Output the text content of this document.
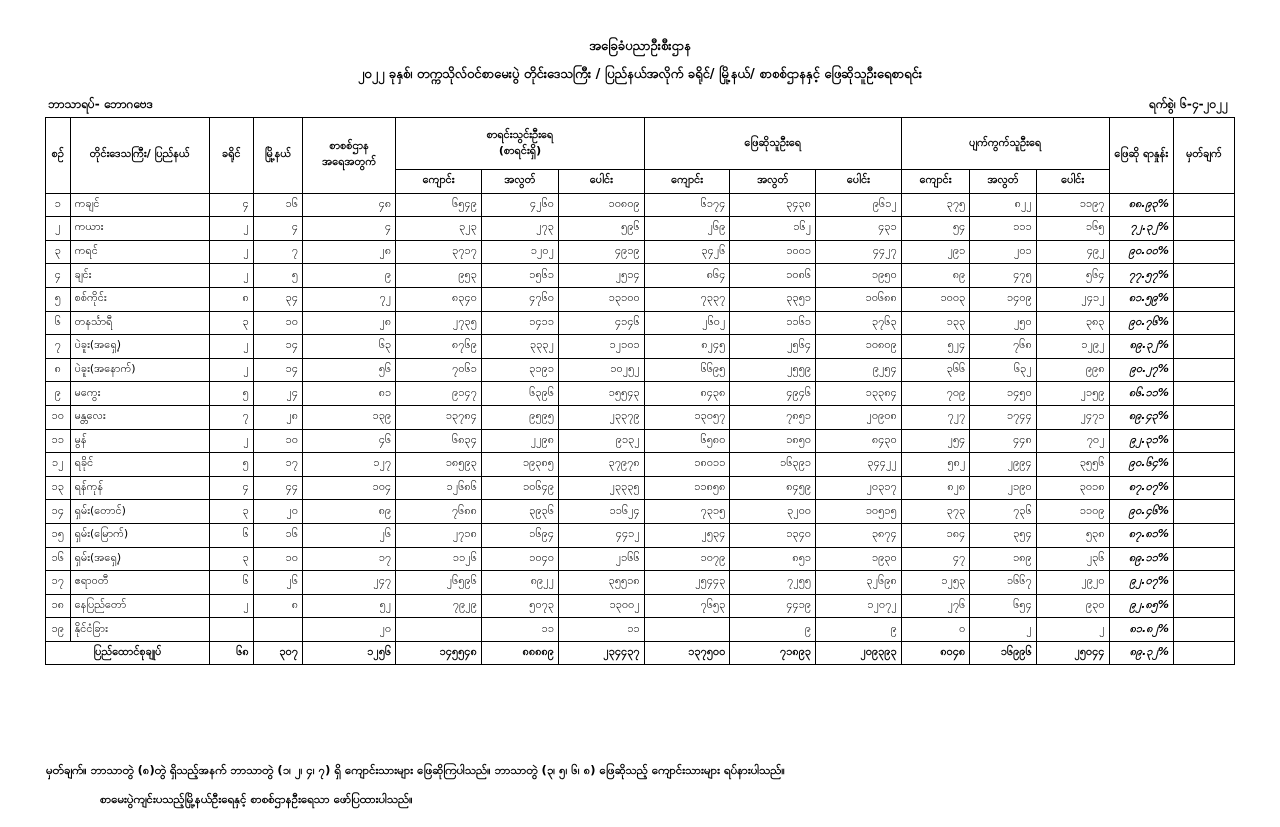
အခြေခံပညာဦးစီးဌာန
၂၀၂၂ ခုနှစ်၊ တက္ကသိုလ်ဝင်စာမေးပွဲ တိုင်းဒေသကြီး / ပြည်နယ်အလိုက် ခရိုင်/ မြို့နယ်/ စာစစ်ဌာနနှင့် ဖြေဆိုသူဦးရေစာရင်း
ဘာသာရပ်- ဘောဂဗေဒ	ရက်စွဲ၊ ၆-၄-၂၀၂၂
စဉ်	တိုင်းဒေသကြီး/ ပြည်နယ်	ခရိုင်	မြို့နယ်	စာစစ်ဌာန အရေအတွက်	စာရင်းသွင်းဦးရေ
(စာရင်းရှိ)			ဖြေဆိုသူဦးရေ			ပျက်ကွက်သူဦးရေ			ဖြေဆို ရာနှုန်း	မှတ်ချက်
					ကျောင်း	အလွတ်	ပေါင်း	ကျောင်း	အလွတ်	ပေါင်း	ကျောင်း	အလွတ်	ပေါင်း		
၁	ကချင်	၄	၁၆	၄၈	၆၅၄၉	၄၂၆၀	၁၀၈၀၉	၆၁၇၄	၃၄၃၈	၉၆၁၂	၃၇၅	၈၂၂	၁၁၉၇	၈၈.၉၃%	
၂	ကယား	၂	၄	၄	၃၂၃	၂၇၃	၅၉၆	၂၆၉	၁၆၂	၄၃၁	၅၄	၁၁၁	၁၆၅	၇၂.၃၂%	
၃	ကရင်	၂	၇	၂၈	၃၇၁၇	၁၂၀၂	၄၉၁၉	၃၄၂၆	၁၀၀၁	၄၄၂၇	၂၉၁	၂၀၁	၄၉၂	၉၀.၀၀%	
၄	ချင်း	၂	၅	၉	၉၅၃	၁၅၆၁	၂၅၁၄	၈၆၄	၁၀၈၆	၁၉၅၀	၈၉	၄၇၅	၅၆၄	၇၇.၅၇%	
၅	စစ်ကိုင်း	၈	၃၄	၇၂	၈၃၄၀	၄၇၆၀	၁၃၁၀၀	၇၃၃၇	၃၃၅၁	၁၀၆၈၈	၁၀၀၃	၁၄၀၉	၂၄၁၂	၈၁.၅၉%	
၆	တနင်္သာရီ	၃	၁၀	၂၈	၂၇၃၅	၁၄၁၁	၄၁၄၆	၂၆၀၂	၁၁၆၁	၃၇၆၃	၁၃၃	၂၅၀	၃၈၃	၉၀.၇၆%	
၇	ပဲခူး(အရှေ့)	၂	၁၄	၆၃	၈၇၆၉	၃၃၃၂	၁၂၁၀၁	၈၂၄၅	၂၅၆၄	၁၀၈၀၉	၅၂၄	၇၆၈	၁၂၉၂	၈၉.၃၂%	
၈	ပဲခူး(အနောက်)	၂	၁၄	၅၆	၇၀၆၁	၃၁၉၁	၁၀၂၅၂	၆၆၉၅	၂၅၅၉	၉၂၅၄	၃၆၆	၆၃၂	၉၉၈	၉၀.၂၇%	
၉	မကွေး	၅	၂၄	၈၁	၉၁၄၇	၆၃၉၆	၁၅၅၄၃	၈၄၃၈	၄၉၄၆	၁၃၃၈၄	၇၀၉	၁၄၅၀	၂၁၅၉	၈၆.၁၁%	
၁၀	မန္တလေး	၇	၂၈	၁၃၉	၁၃၇၈၄	၉၅၉၅	၂၃၃၇၉	၁၃၀၅၇	၇၈၅၁	၂၀၉၀၈	၇၂၇	၁၇၄၄	၂၄၇၁	၈၉.၄၃%	
၁၁	မွန်	၂	၁၀	၄၆	၆၈၃၄	၂၂၉၈	၉၁၃၂	၆၅၈၀	၁၈၅၀	၈၄၃၀	၂၅၄	၄၄၈	၇၀၂	၉၂.၃၁%	
၁၂	ရခိုင်	၅	၁၇	၁၂၇	၁၈၅၉၃	၁၉၃၈၅	၃၇၉၇၈	၁၈၀၁၁	၁၆၃၉၁	၃၄၄၂၂	၅၈၂	၂၉၉၄	၃၅၅၆	၉၀.၆၄%	
၁၃	ရန်ကုန်	၄	၄၄	၁၀၄	၁၂၆၈၆	၁၀၆၄၉	၂၃၃၃၅	၁၁၈၅၈	၈၄၅၉	၂၀၃၁၇	၈၂၈	၂၁၉၀	၃၀၁၈	၈၇.၀၇%	
၁၄	ရှမ်း(တောင်)	၃	၂၀	၈၉	၇၆၈၈	၃၉၃၆	၁၁၆၂၄	၇၃၁၅	၃၂၀၀	၁၀၅၁၅	၃၇၃	၇၃၆	၁၁၀၉	၉၀.၄၆%	
၁၅	ရှမ်း(မြောက်)	၆	၁၆	၂၆	၂၇၁၈	၁၆၉၄	၄၄၁၂	၂၅၃၄	၁၃၄၀	၃၈၇၄	၁၈၄	၃၅၄	၅၃၈	၈၇.၈၁%	
၁၆	ရှမ်း(အရှေ့)	၃	၁၀	၁၇	၁၁၂၆	၁၀၄၀	၂၁၆၆	၁၀၇၉	၈၅၁	၁၉၃၀	၄၇	၁၈၉	၂၃၆	၈၉.၁၁%	
၁၇	ဧရာဝတီ	၆	၂၆	၂၄၇	၂၆၅၉၆	၈၉၂၂	၃၅၅၁၈	၂၅၄၄၃	၇၂၅၅	၃၂၆၉၈	၁၂၅၃	၁၆၆၇	၂၉၂၀	၉၂.၀၇%	
၁၈	နေပြည်တော်	၂	၈	၅၂	၇၉၂၉	၅၀၇၃	၁၃၀၀၂	၇၆၅၃	၄၄၁၉	၁၂၀၇၂	၂၇၆	၆၅၄	၉၃၀	၉၂.၈၅%	
၁၉	နိုင်ငံခြား			၂၀		၁၁	၁၁		၉	၉	၀	၂	၂	၈၁.၈၂%	
ပြည်ထောင်စုချုပ်		၆၈	၃၀၇	၁၂၅၆	၁၄၅၅၄၈	၈၈၈၈၉	၂၃၄၄၃၇	၁၃၇၅၀၀	၇၁၈၉၃	၂၀၉၃၉၃	၈၀၄၈	၁၆၉၉၆	၂၅၀၄၄	၈၉.၃၂%	
မှတ်ချက်။ ဘာသာတွဲ (၈)တွဲ ရှိသည့်အနက် ဘာသာတွဲ (၁၊ ၂၊ ၄၊ ၇) ရှိ ကျောင်းသားများ ဖြေဆိုကြပါသည်။ ဘာသာတွဲ (၃၊ ၅၊ ၆၊ ၈) ဖြေဆိုသည့် ကျောင်းသားများ ရပ်နားပါသည်။
စာမေးပွဲကျင်းပသည့်မြို့နယ်ဦးရေနှင့် စာစစ်ဌာနဦးရေသာ ဖော်ပြထားပါသည်။
